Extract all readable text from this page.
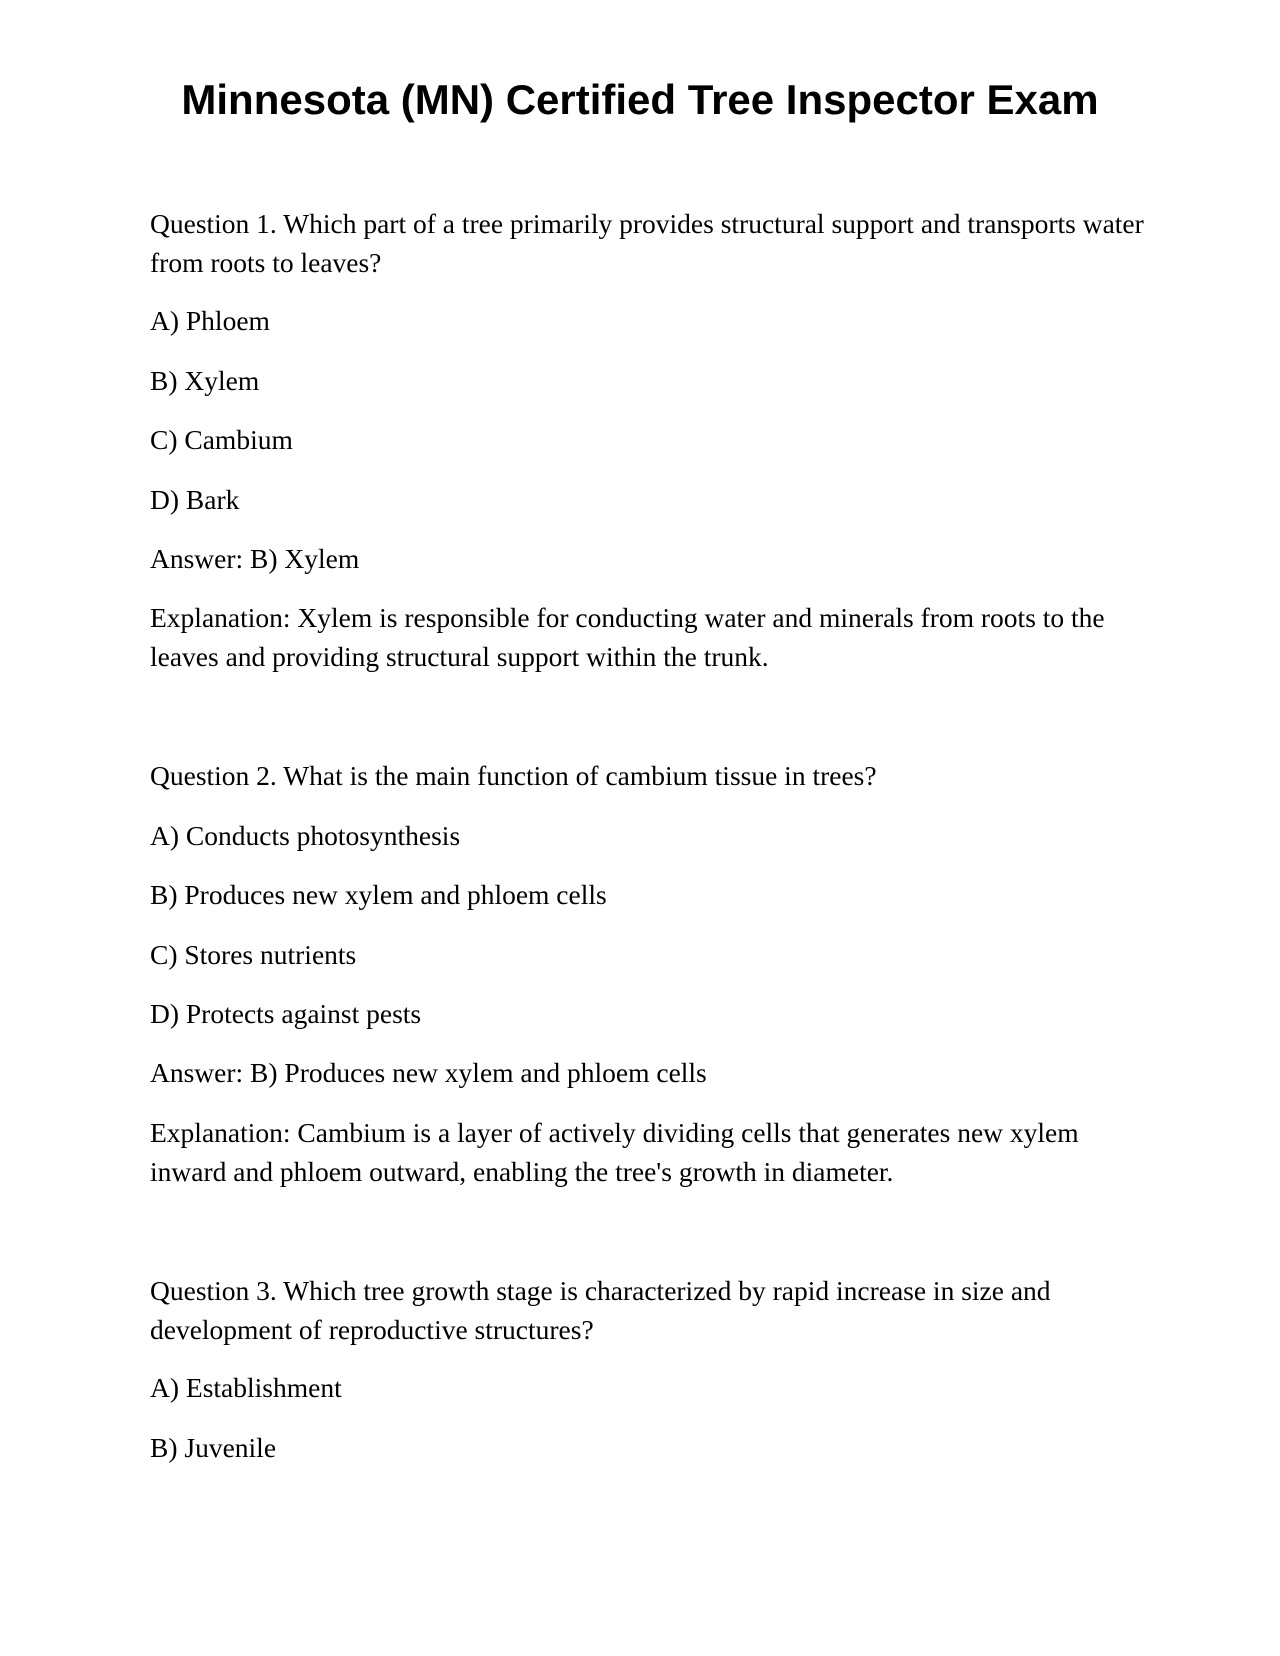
Minnesota (MN) Certified Tree Inspector Exam

Question 1. Which part of a tree primarily provides structural support and transports water from roots to leaves?

A) Phloem

B) Xylem

C) Cambium

D) Bark

Answer: B) Xylem

Explanation: Xylem is responsible for conducting water and minerals from roots to the leaves and providing structural support within the trunk.

Question 2. What is the main function of cambium tissue in trees?

A) Conducts photosynthesis

B) Produces new xylem and phloem cells

C) Stores nutrients

D) Protects against pests

Answer: B) Produces new xylem and phloem cells

Explanation: Cambium is a layer of actively dividing cells that generates new xylem inward and phloem outward, enabling the tree's growth in diameter.

Question 3. Which tree growth stage is characterized by rapid increase in size and development of reproductive structures?

A) Establishment

B) Juvenile
